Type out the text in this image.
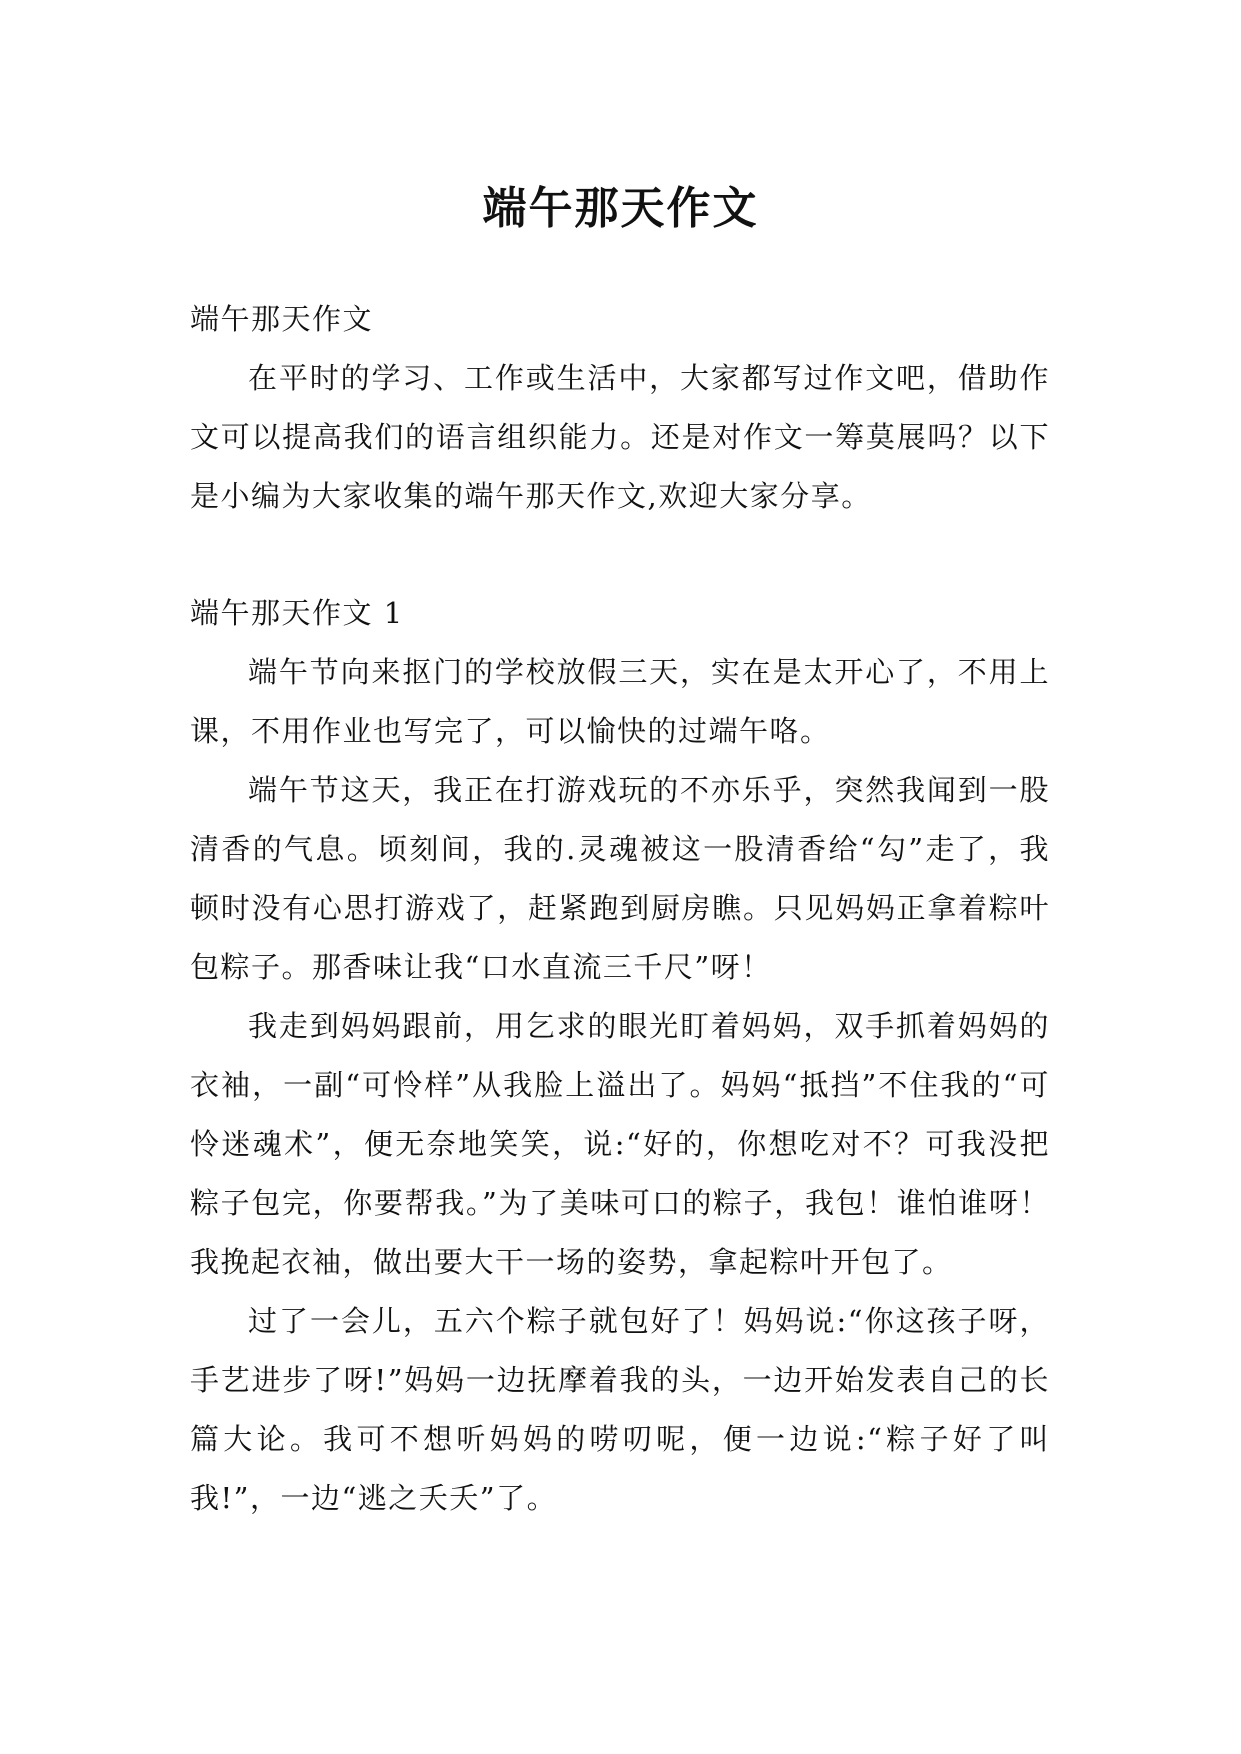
端午那天作文
端午那天作文

在平时的学习、工作或生活中，大家都写过作文吧，借助作文可以提高我们的语言组织能力。还是对作文一筹莫展吗？以下是小编为大家收集的端午那天作文,欢迎大家分享。

端午那天作文 1

端午节向来抠门的学校放假三天，实在是太开心了，不用上课，不用作业也写完了，可以愉快的过端午咯。

端午节这天，我正在打游戏玩的不亦乐乎，突然我闻到一股清香的气息。顷刻间，我的.灵魂被这一股清香给“勾”走了，我顿时没有心思打游戏了，赶紧跑到厨房瞧。只见妈妈正拿着粽叶包粽子。那香味让我“口水直流三千尺”呀！

我走到妈妈跟前，用乞求的眼光盯着妈妈，双手抓着妈妈的衣袖，一副“可怜样”从我脸上溢出了。妈妈“抵挡”不住我的“可怜迷魂术”，便无奈地笑笑，说:“好的，你想吃对不？可我没把粽子包完，你要帮我。”为了美味可口的粽子，我包！谁怕谁呀！我挽起衣袖，做出要大干一场的姿势，拿起粽叶开包了。

过了一会儿，五六个粽子就包好了！妈妈说:“你这孩子呀，手艺进步了呀!”妈妈一边抚摩着我的头，一边开始发表自己的长篇大论。我可不想听妈妈的唠叨呢，便一边说:“粽子好了叫我!”，一边“逃之夭夭”了。
